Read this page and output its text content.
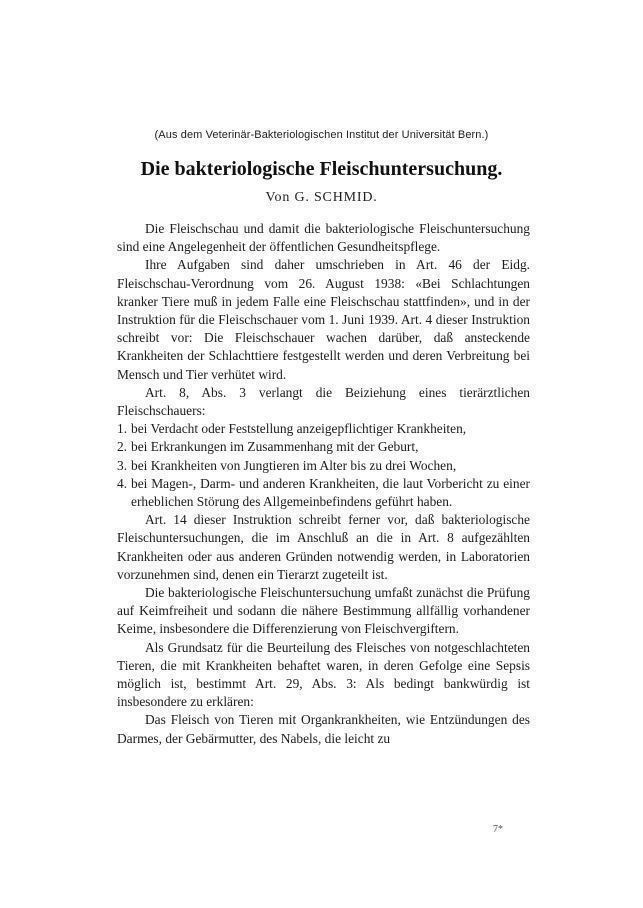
(Aus dem Veterinär-Bakteriologischen Institut der Universität Bern.)
Die bakteriologische Fleischuntersuchung.
Von G. SCHMID.

Die Fleischschau und damit die bakteriologische Fleischuntersuchung sind eine Angelegenheit der öffentlichen Gesundheitspflege.

Ihre Aufgaben sind daher umschrieben in Art. 46 der Eidg. Fleischschau-Verordnung vom 26. August 1938: «Bei Schlachtungen kranker Tiere muß in jedem Falle eine Fleischschau stattfinden», und in der Instruktion für die Fleischschauer vom 1. Juni 1939. Art. 4 dieser Instruktion schreibt vor: Die Fleischschauer wachen darüber, daß ansteckende Krankheiten der Schlachttiere festgestellt werden und deren Verbreitung bei Mensch und Tier verhütet wird.

Art. 8, Abs. 3 verlangt die Beiziehung eines tierärztlichen Fleischschauers:

1. bei Verdacht oder Feststellung anzeigepflichtiger Krankheiten,
2. bei Erkrankungen im Zusammenhang mit der Geburt,
3. bei Krankheiten von Jungtieren im Alter bis zu drei Wochen,
4. bei Magen-, Darm- und anderen Krankheiten, die laut Vorbericht zu einer erheblichen Störung des Allgemeinbefindens geführt haben.

Art. 14 dieser Instruktion schreibt ferner vor, daß bakteriologische Fleischuntersuchungen, die im Anschluß an die in Art. 8 aufgezählten Krankheiten oder aus anderen Gründen notwendig werden, in Laboratorien vorzunehmen sind, denen ein Tierarzt zugeteilt ist.

Die bakteriologische Fleischuntersuchung umfaßt zunächst die Prüfung auf Keimfreiheit und sodann die nähere Bestimmung allfällig vorhandener Keime, insbesondere die Differenzierung von Fleischvergiftern.

Als Grundsatz für die Beurteilung des Fleisches von notgeschlachteten Tieren, die mit Krankheiten behaftet waren, in deren Gefolge eine Sepsis möglich ist, bestimmt Art. 29, Abs. 3: Als bedingt bankwürdig ist insbesondere zu erklären:

Das Fleisch von Tieren mit Organkrankheiten, wie Entzündungen des Darmes, der Gebärmutter, des Nabels, die leicht zu

7*
